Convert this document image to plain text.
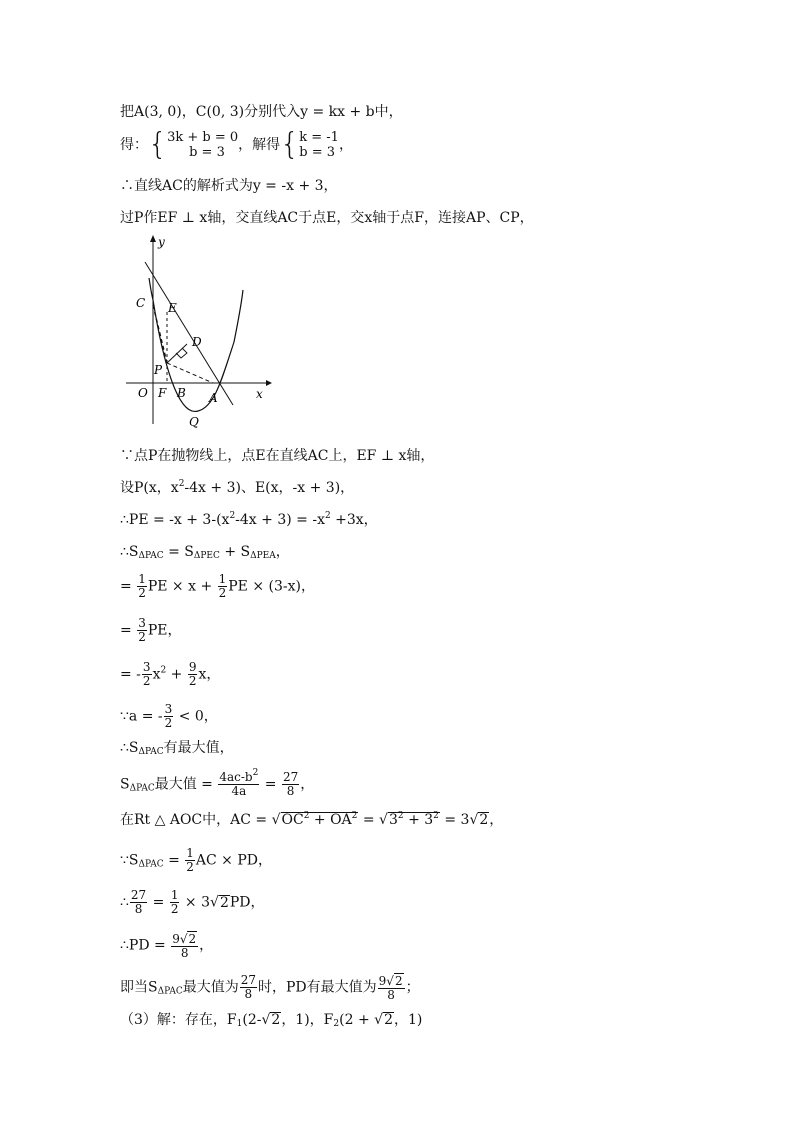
把A(3, 0)，C(0, 3)分别代入y = kx + b中，
得：{ 3k + b = 0
b = 3 ，解得{ k = -1
b = 3 ，
∴直线AC的解析式为y = -x + 3，
过P作EF ⊥ x轴，交直线AC于点E，交x轴于点F，连接AP、CP，
y
x
C E
D
P
O F B A
Q
∵点P在抛物线上，点E在直线AC上，EF ⊥ x轴，
设P(x，$x^2-4x + 3$)、E(x，-x + 3)，
∴PE = $-x + 3-(x^2-4x + 3) = -x^2 +3x$，
$\therefore S_{\Delta PAC} = S_{\Delta PEC} + S_{\Delta PEA}$，
= $\frac{1}{2}$ PE × $x + \frac{1}{2}$ PE × (3-x)，
= $\frac{3}{2}$ PE，
= - $\frac{3}{2} x^2 + \frac{9}{2}$ x，
∵a = - $\frac{3}{2} < 0$，
$\therefore S_{\Delta PAC}$有最大值，
$S_{\Delta PAC}$最大值 = $\frac{4ac-b^2}{4a} = \frac{27}{8}$ ，
在Rt △ AOC中，AC = $√OC^2 + OA^2 = √3^2 + 3^2 = 3√2$，
$\because S_{\Delta PAC} = \frac{1}{2}$ AC × PD，
∴ $\frac{27}{8} = \frac{1}{2} \times 3√2PD$，
∴PD = $\frac{9√2}{8}$ ，
即当$S_{\Delta PAC}$最大值为 $\frac{27}{8}$ 时，PD有最大值为 $\frac{9√2}{8}$ ；
（3）解：存在，$F_1(2-√2$，1)，$F_2(2 + √2$，1)
